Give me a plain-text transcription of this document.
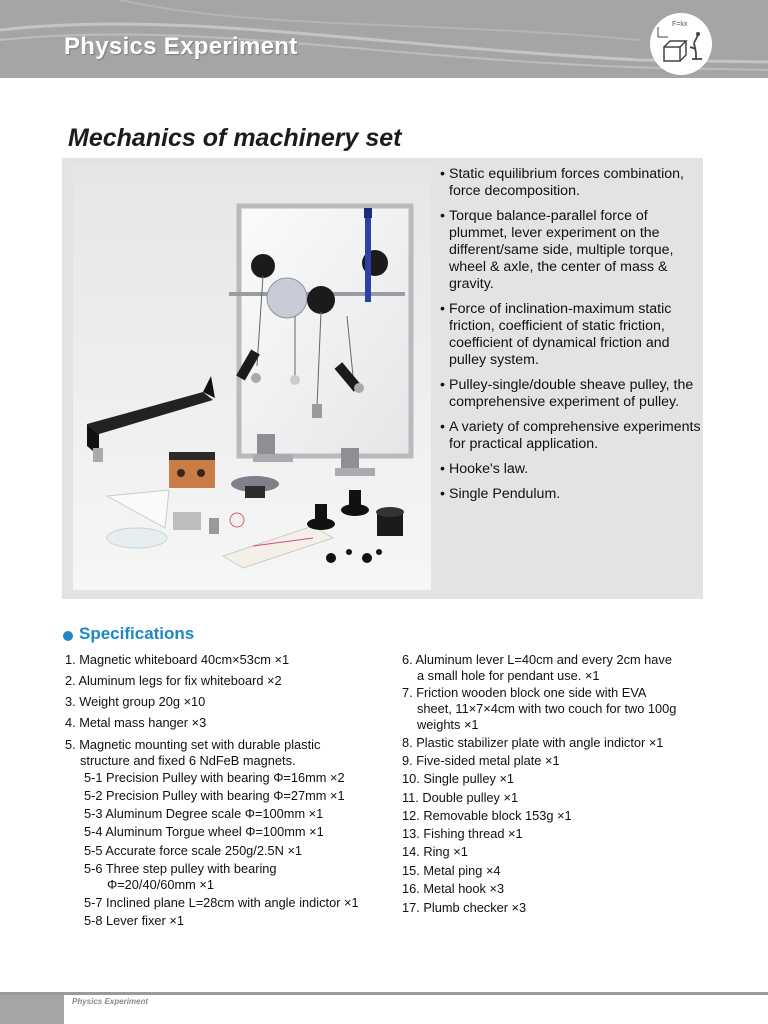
Physics Experiment
F=kx
Mechanics of machinery set
• Static equilibrium forces combination, force decomposition.
• Torque balance-parallel force of plummet, lever experiment on the different/same side, multiple torque, wheel & axle, the center of mass & gravity.
• Force of inclination-maximum static friction, coefficient of static friction, coefficient of dynamical friction and pulley system.
• Pulley-single/double sheave pulley, the comprehensive experiment of pulley.
• A variety of comprehensive experiments for practical application.
• Hooke's law.
• Single Pendulum.
Specifications
1. Magnetic whiteboard 40cm×53cm ×1
2. Aluminum legs for fix whiteboard ×2
3. Weight group 20g ×10
4. Metal mass hanger ×3
5. Magnetic mounting set with durable plastic
structure and fixed 6 NdFeB magnets.
5-1 Precision Pulley with bearing Φ=16mm ×2
5-2 Precision Pulley with bearing Φ=27mm ×1
5-3 Aluminum Degree scale Φ=100mm ×1
5-4 Aluminum Torgue wheel Φ=100mm ×1
5-5 Accurate force scale 250g/2.5N ×1
5-6 Three step pulley with bearing
Φ=20/40/60mm ×1
5-7 Inclined plane L=28cm with angle indictor ×1
5-8 Lever fixer ×1
6. Aluminum lever L=40cm and every 2cm have
a small hole for pendant use. ×1
7. Friction wooden block one side with EVA
sheet, 11×7×4cm with two couch for two 100g
weights ×1
8. Plastic stabilizer plate with angle indictor ×1
9. Five-sided metal plate ×1
10. Single pulley ×1
11. Double pulley ×1
12. Removable block 153g ×1
13. Fishing thread ×1
14. Ring ×1
15. Metal ping ×4
16. Metal hook ×3
17. Plumb checker ×3
Physics Experiment
